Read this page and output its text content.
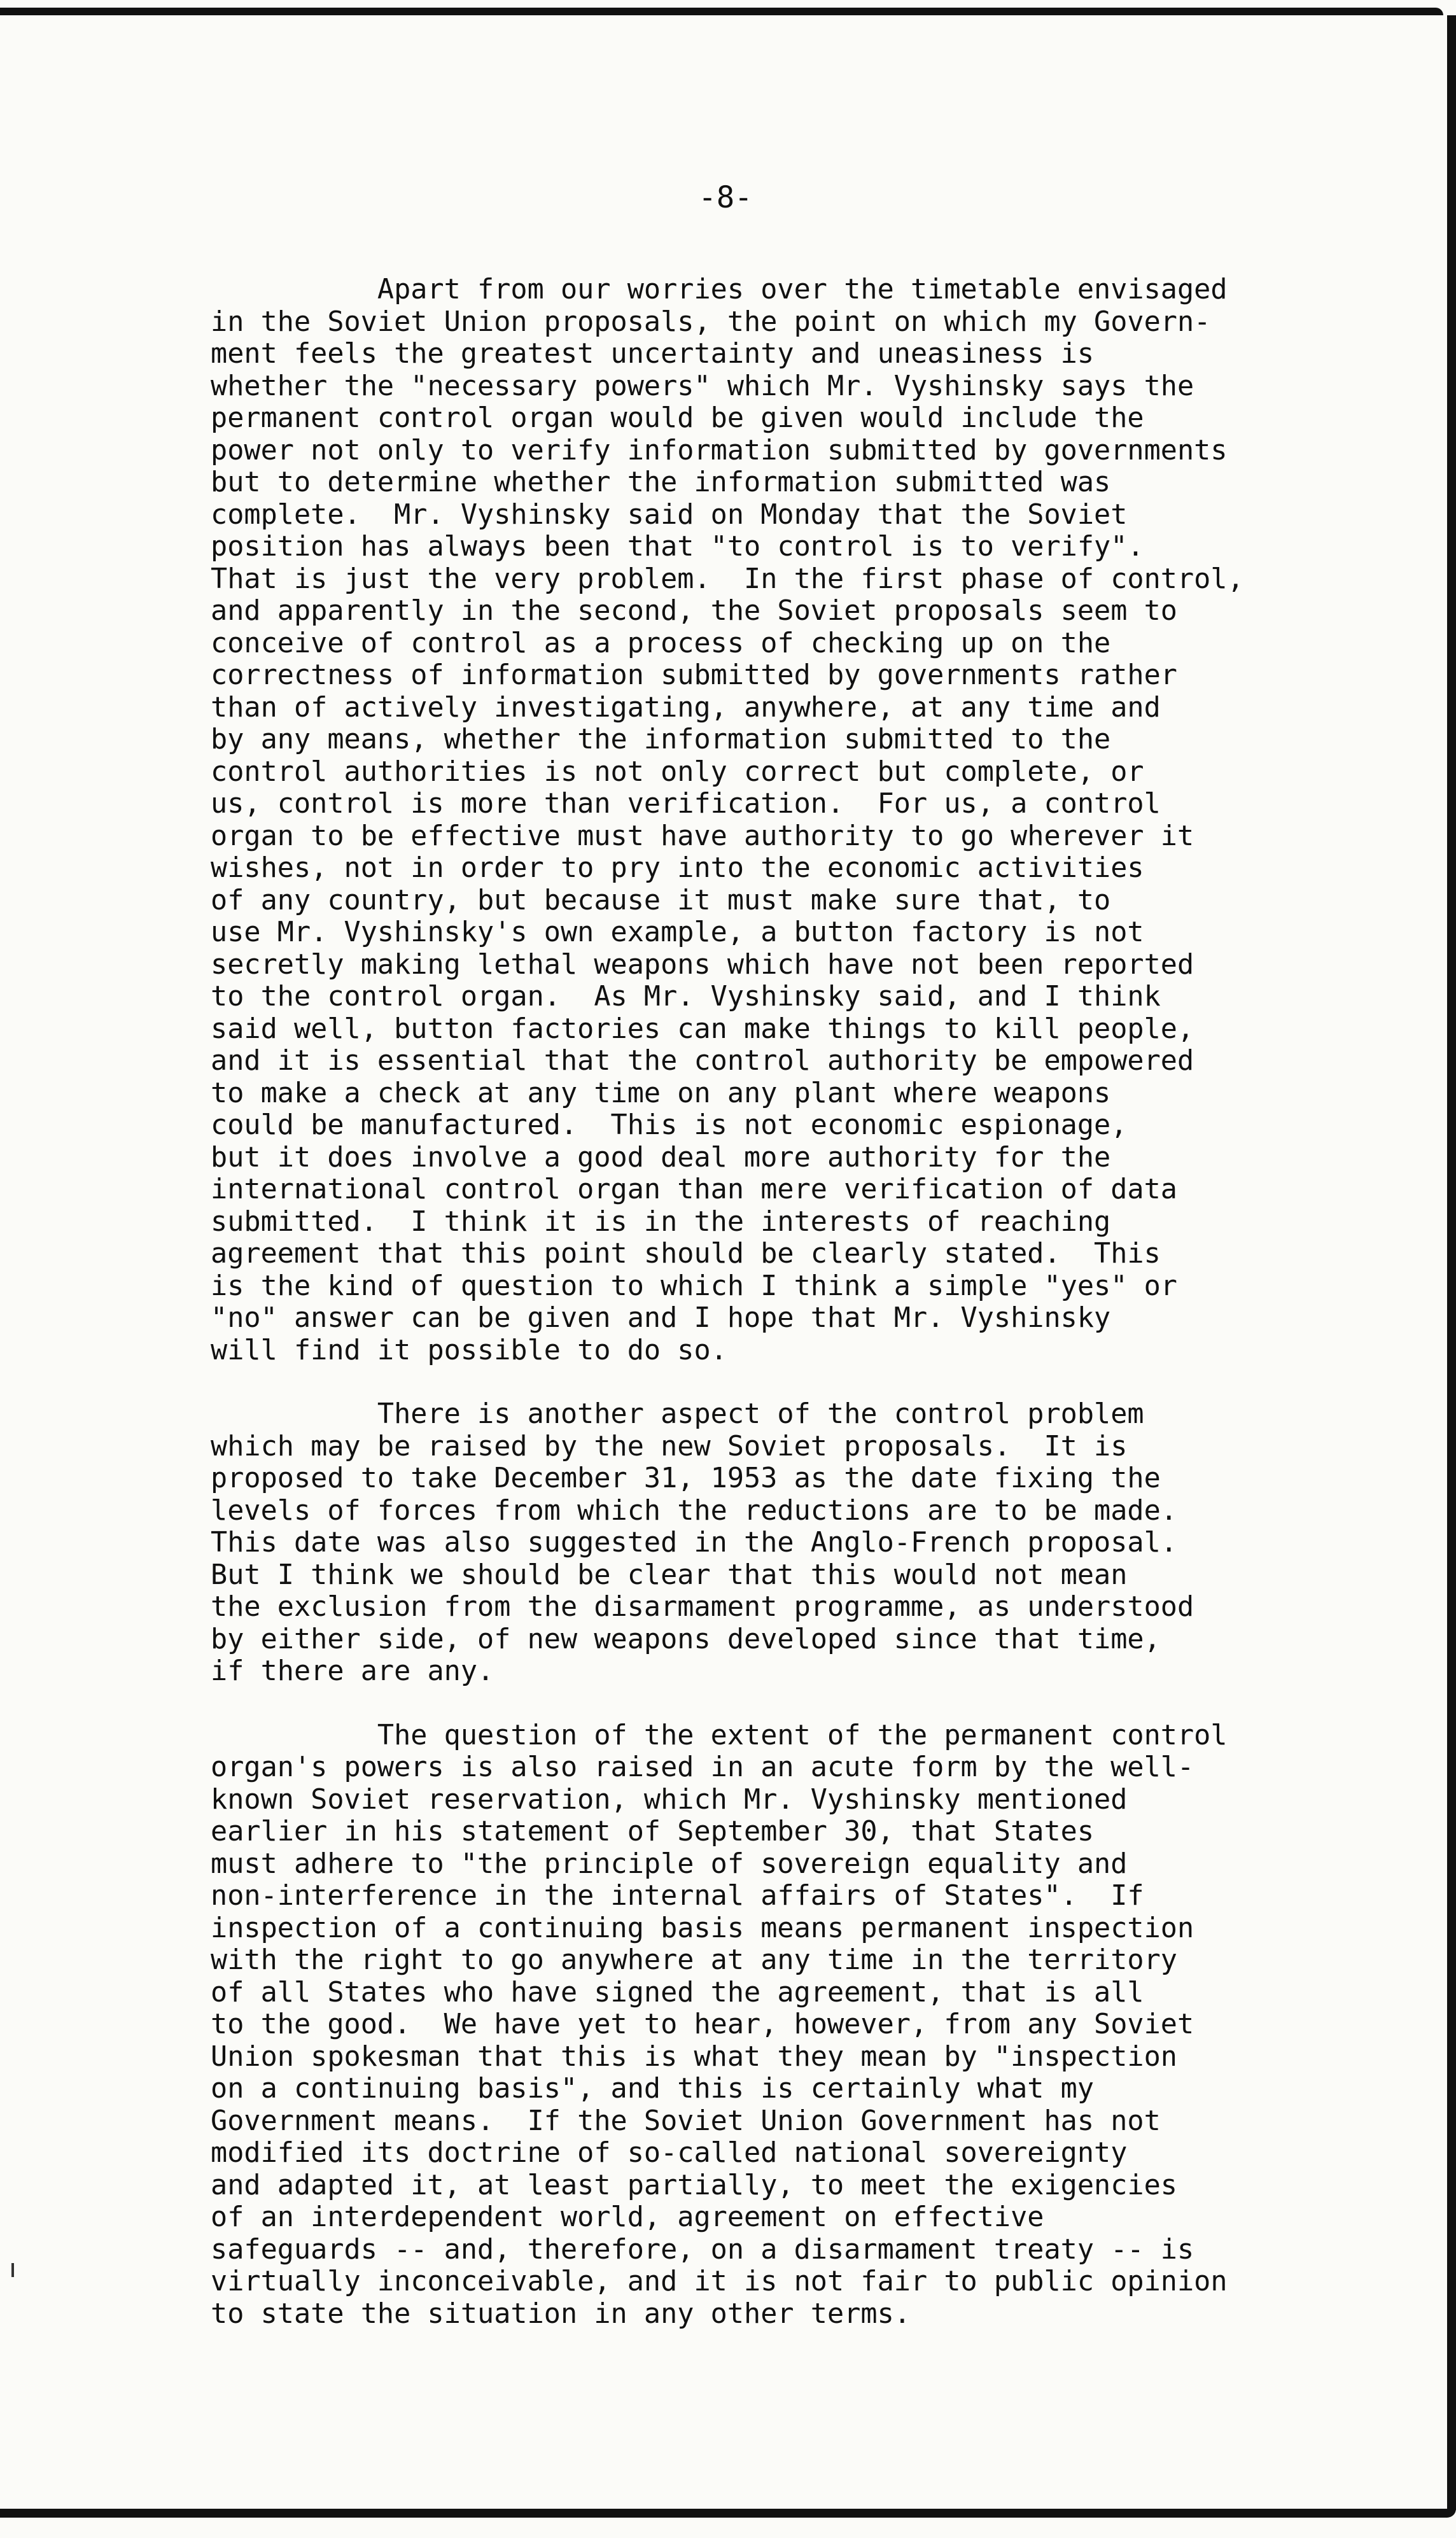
-8-
Apart from our worries over the timetable envisaged
in the Soviet Union proposals, the point on which my Govern-
ment feels the greatest uncertainty and uneasiness is
whether the "necessary powers" which Mr. Vyshinsky says the
permanent control organ would be given would include the
power not only to verify information submitted by governments
but to determine whether the information submitted was
complete.  Mr. Vyshinsky said on Monday that the Soviet
position has always been that "to control is to verify".
That is just the very problem.  In the first phase of control,
and apparently in the second, the Soviet proposals seem to
conceive of control as a process of checking up on the
correctness of information submitted by governments rather
than of actively investigating, anywhere, at any time and
by any means, whether the information submitted to the
control authorities is not only correct but complete, or
us, control is more than verification.  For us, a control
organ to be effective must have authority to go wherever it
wishes, not in order to pry into the economic activities
of any country, but because it must make sure that, to
use Mr. Vyshinsky's own example, a button factory is not
secretly making lethal weapons which have not been reported
to the control organ.  As Mr. Vyshinsky said, and I think
said well, button factories can make things to kill people,
and it is essential that the control authority be empowered
to make a check at any time on any plant where weapons
could be manufactured.  This is not economic espionage,
but it does involve a good deal more authority for the
international control organ than mere verification of data
submitted.  I think it is in the interests of reaching
agreement that this point should be clearly stated.  This
is the kind of question to which I think a simple "yes" or
"no" answer can be given and I hope that Mr. Vyshinsky
will find it possible to do so.
There is another aspect of the control problem
which may be raised by the new Soviet proposals.  It is
proposed to take December 31, 1953 as the date fixing the
levels of forces from which the reductions are to be made.
This date was also suggested in the Anglo-French proposal.
But I think we should be clear that this would not mean
the exclusion from the disarmament programme, as understood
by either side, of new weapons developed since that time,
if there are any.
The question of the extent of the permanent control
organ's powers is also raised in an acute form by the well-
known Soviet reservation, which Mr. Vyshinsky mentioned
earlier in his statement of September 30, that States
must adhere to "the principle of sovereign equality and
non-interference in the internal affairs of States".  If
inspection of a continuing basis means permanent inspection
with the right to go anywhere at any time in the territory
of all States who have signed the agreement, that is all
to the good.  We have yet to hear, however, from any Soviet
Union spokesman that this is what they mean by "inspection
on a continuing basis", and this is certainly what my
Government means.  If the Soviet Union Government has not
modified its doctrine of so-called national sovereignty
and adapted it, at least partially, to meet the exigencies
of an interdependent world, agreement on effective
safeguards -- and, therefore, on a disarmament treaty -- is
virtually inconceivable, and it is not fair to public opinion
to state the situation in any other terms.
